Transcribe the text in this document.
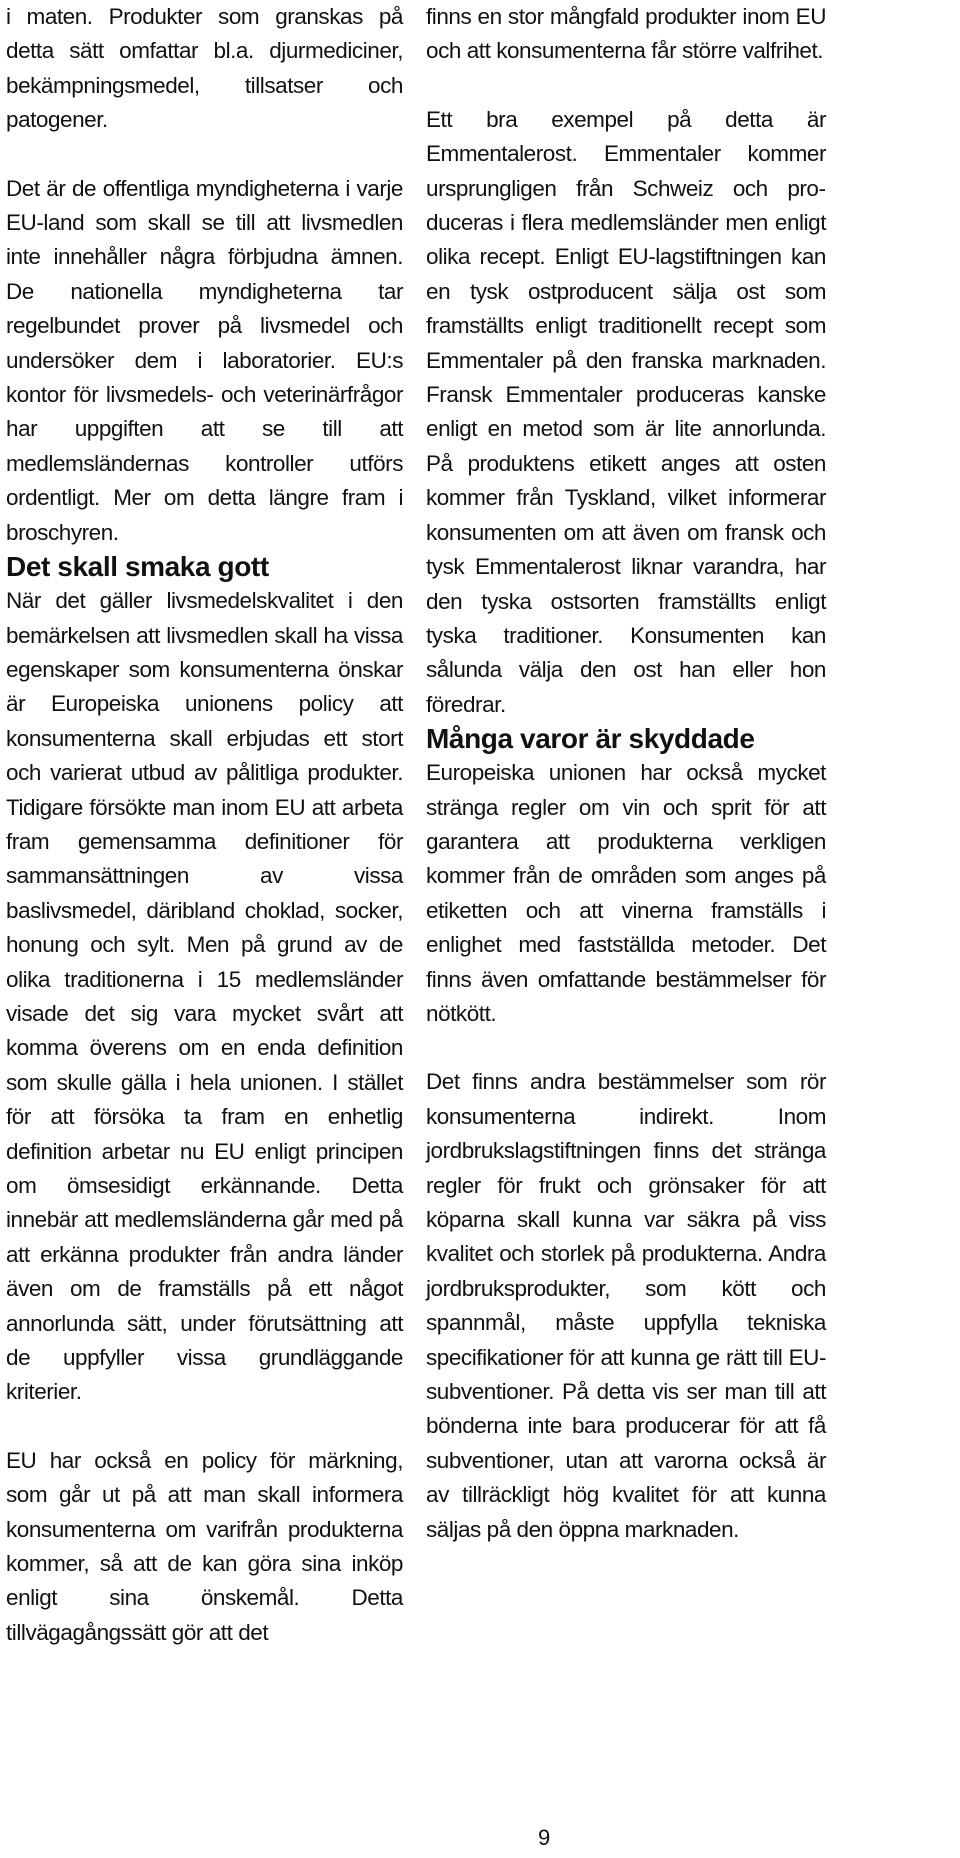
i maten. Produkter som granskas på detta sätt omfattar bl.a. djurmediciner, bekämpningsmedel, tillsatser och patogener.

Det är de offentliga myndigheterna i varje EU-land som skall se till att livsmedlen inte innehåller några förbjudna ämnen. De nationella myndigheterna tar regelbundet prover på livsmedel och undersöker dem i laboratorier. EU:s kontor för livsmedels- och veterinärfrågor har uppgiften att se till att medlemsländernas kontroller utförs ordentligt. Mer om detta längre fram i broschyren.

Det skall smaka gott

När det gäller livsmedelskvalitet i den bemärkelsen att livsmedlen skall ha vissa egenskaper som konsumenterna önskar är Europeiska unionens policy att konsumenterna skall erbjudas ett stort och varierat utbud av pålitliga produkter. Tidigare försökte man inom EU att arbeta fram gemensamma definitioner för sammansättningen av vissa baslivsmedel, däribland choklad, socker, honung och sylt. Men på grund av de olika traditionerna i 15 medlemsländer visade det sig vara mycket svårt att komma överens om en enda definition som skulle gälla i hela unionen. I stället för att försöka ta fram en enhetlig definition arbetar nu EU enligt principen om ömsesidigt erkännande. Detta innebär att medlemsländerna går med på att erkänna produkter från andra länder även om de framställs på ett något annorlunda sätt, under förutsättning att de uppfyller vissa grundläggande kriterier.

EU har också en policy för märkning, som går ut på att man skall informera konsumenterna om varifrån produkterna kommer, så att de kan göra sina inköp enligt sina önskemål. Detta tillvägagångssätt gör att det

finns en stor mångfald produkter inom EU och att konsumenterna får större valfrihet.

Ett bra exempel på detta är Emmentalerost. Emmentaler kommer ursprungligen från Schweiz och produceras i flera medlemsländer men enligt olika recept. Enligt EU-lagstiftningen kan en tysk ostproducent sälja ost som framställts enligt traditionellt recept som Emmentaler på den franska marknaden. Fransk Emmentaler produceras kanske enligt en metod som är lite annorlunda. På produktens etikett anges att osten kommer från Tyskland, vilket informerar konsumenten om att även om fransk och tysk Emmentalerost liknar varandra, har den tyska ostsorten framställts enligt tyska traditioner. Konsumenten kan sålunda välja den ost han eller hon föredrar.

Många varor är skyddade

Europeiska unionen har också mycket stränga regler om vin och sprit för att garantera att produkterna verkligen kommer från de områden som anges på etiketten och att vinerna framställs i enlighet med fastställda metoder. Det finns även omfattande bestämmelser för nötkött.

Det finns andra bestämmelser som rör konsumenterna indirekt. Inom jordbrukslagstiftningen finns det stränga regler för frukt och grönsaker för att köparna skall kunna var säkra på viss kvalitet och storlek på produkterna. Andra jordbruksprodukter, som kött och spannmål, måste uppfylla tekniska specifikationer för att kunna ge rätt till EU-subventioner. På detta vis ser man till att bönderna inte bara producerar för att få subventioner, utan att varorna också är av tillräckligt hög kvalitet för att kunna säljas på den öppna marknaden.

9
